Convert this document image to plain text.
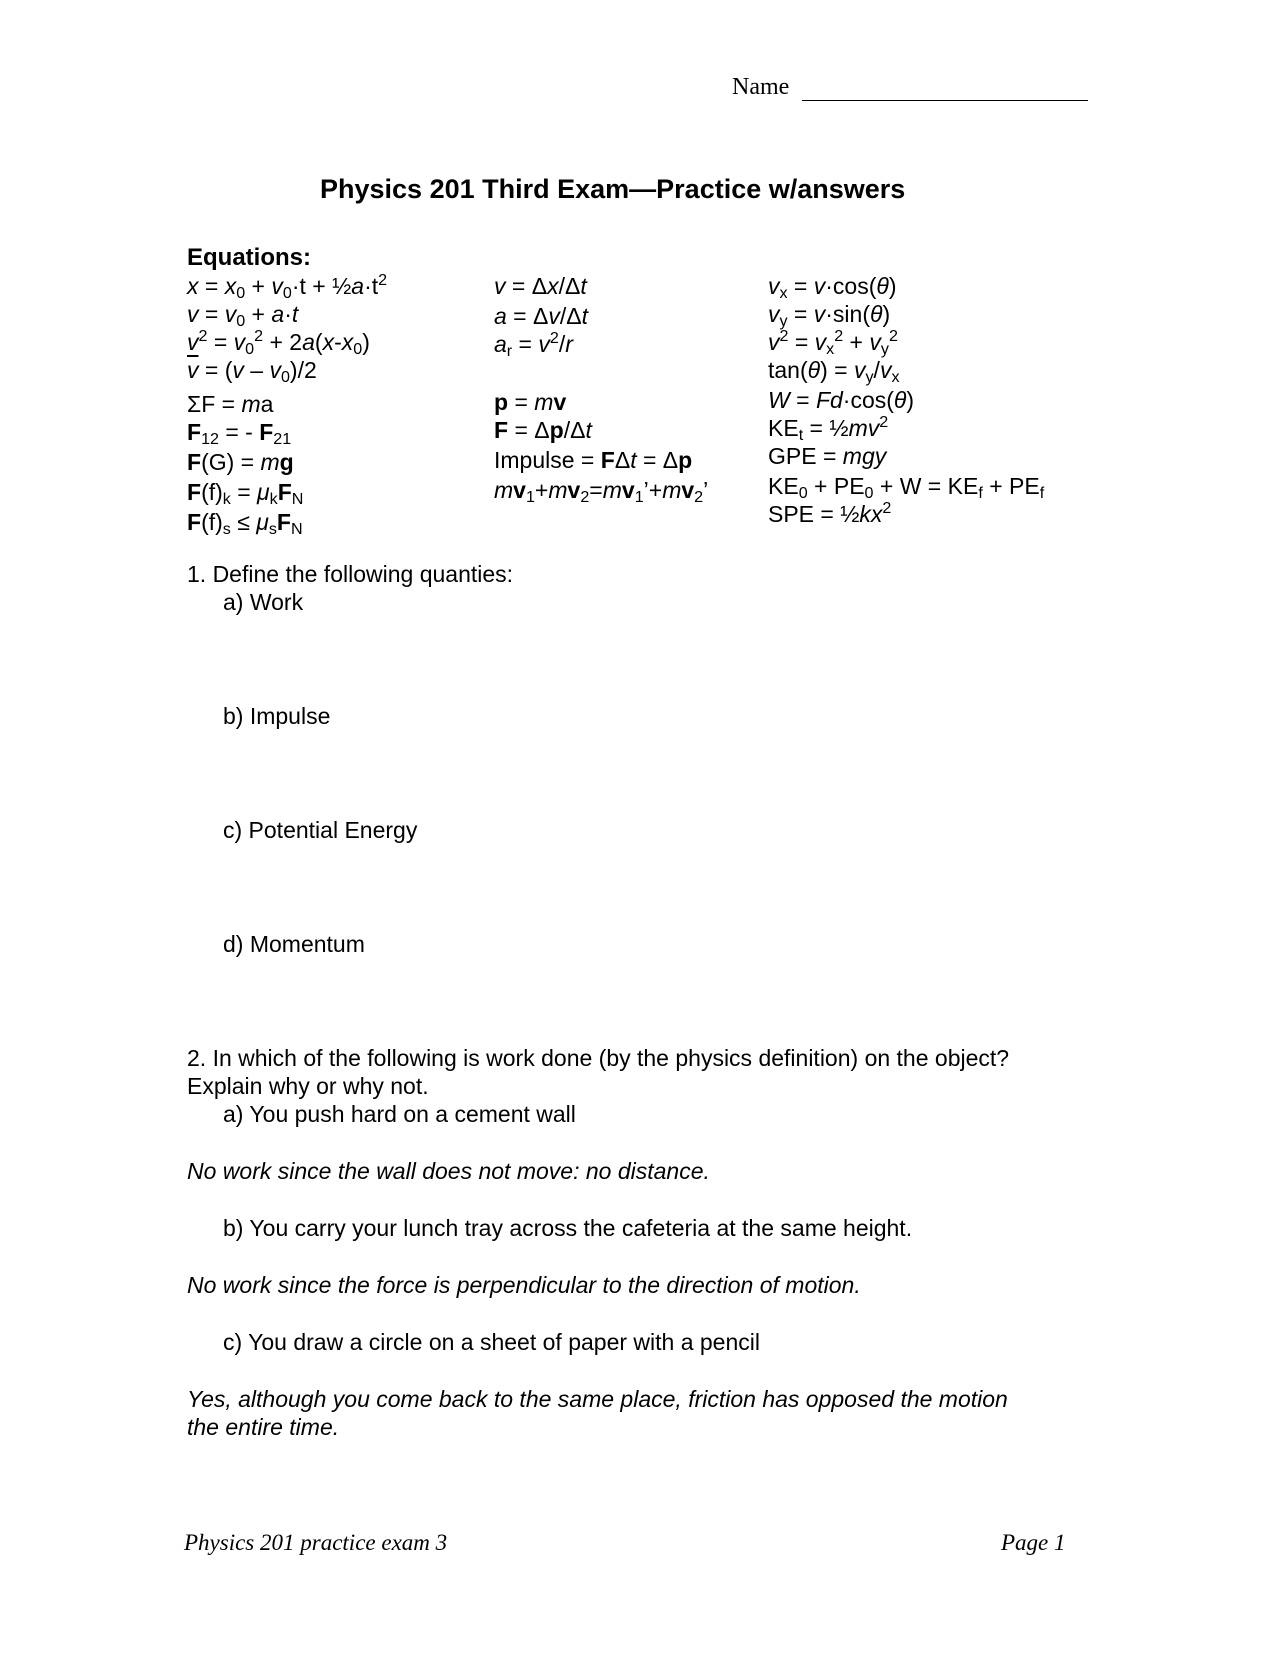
Name
Physics 201 Third Exam—Practice w/answers
Equations:
$x = x_0 + v_0\cdot t$ + $\frac{1}{2}a\cdot t^2$
$v = v_0 + a\cdot t$
$v^2 = v_0^2 + 2a(x-x_0)$
$\overline{v} = (v - v_0)/2$
ΣF = ma
$F_{12}$ = - $F_{21}$
F(G) = mg
$F(f)_k = \mu_kF_N$
$F(f)_s \le \mu_sF_N$
v = Δx/Δt
a = Δv/Δt
$a_r = v^2/r$
p = mv
F = Δp/Δt
Impulse = FΔt = Δp
$mv_1+mv_2=mv_1’+mv_2$’
$v_x = v\cdot\cos(\theta)$
$v_y = v\cdot\sin(\theta)$
$v^2 = v_x^2 + v_y^2$
$\tan(\theta) = v_y/v_x$
W = Fd·cos(θ)
$KE_t$ = $\frac{1}{2}mv^2$
GPE = mgy
$KE_0 + PE_0 + W = KE_f + PE_f$
SPE = $\frac{1}{2}kx^2$
1. Define the following quanties:
a) Work
b) Impulse
c) Potential Energy
d) Momentum
2. In which of the following is work done (by the physics definition) on the object?
Explain why or why not.
a) You push hard on a cement wall
No work since the wall does not move: no distance.
b) You carry your lunch tray across the cafeteria at the same height.
No work since the force is perpendicular to the direction of motion.
c) You draw a circle on a sheet of paper with a pencil
Yes, although you come back to the same place, friction has opposed the motion
the entire time.
Physics 201 practice exam 3	Page 1
